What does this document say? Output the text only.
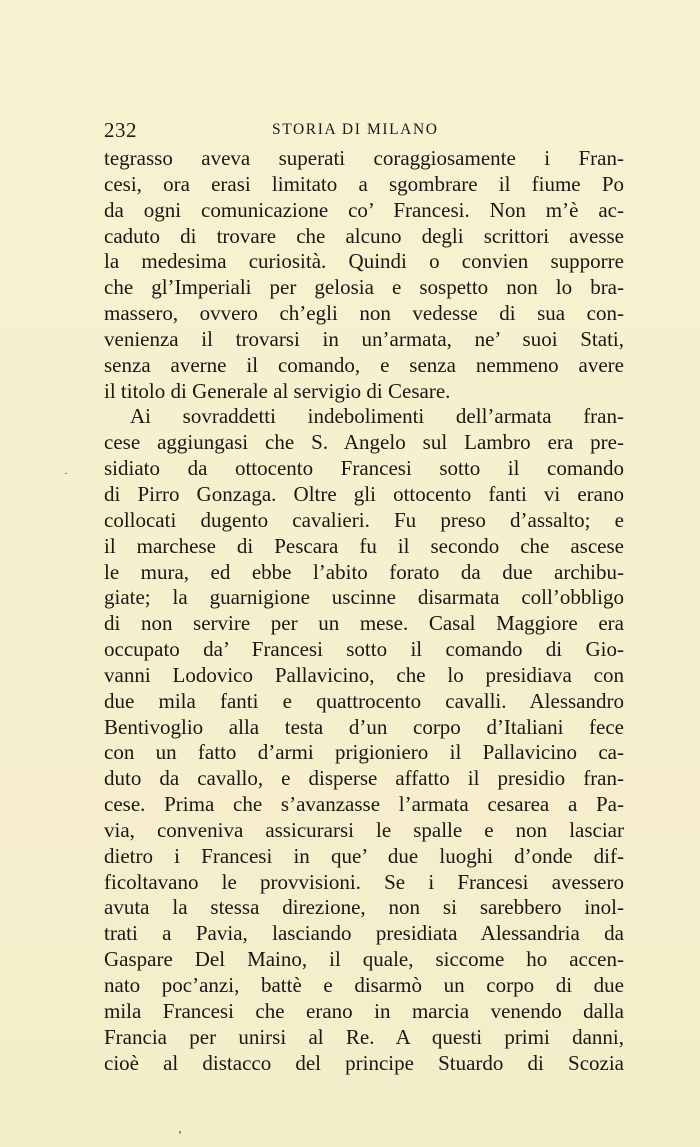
232	STORIA DI MILANO
tegrasso aveva superati coraggiosamente i Fran-
cesi, ora erasi limitato a sgombrare il fiume Po
da ogni comunicazione co’ Francesi. Non m’è ac-
caduto di trovare che alcuno degli scrittori avesse
la medesima curiosità. Quindi o convien supporre
che gl’Imperiali per gelosia e sospetto non lo bra-
massero, ovvero ch’egli non vedesse di sua con-
venienza il trovarsi in un’armata, ne’ suoi Stati,
senza averne il comando, e senza nemmeno avere
il titolo di Generale al servigio di Cesare.
Ai sovraddetti indebolimenti dell’armata fran-
cese aggiungasi che S. Angelo sul Lambro era pre-
sidiato da ottocento Francesi sotto il comando
di Pirro Gonzaga. Oltre gli ottocento fanti vi erano
collocati dugento cavalieri. Fu preso d’assalto; e
il marchese di Pescara fu il secondo che ascese
le mura, ed ebbe l’abito forato da due archibu-
giate; la guarnigione uscinne disarmata coll’obbligo
di non servire per un mese. Casal Maggiore era
occupato da’ Francesi sotto il comando di Gio-
vanni Lodovico Pallavicino, che lo presidiava con
due mila fanti e quattrocento cavalli. Alessandro
Bentivoglio alla testa d’un corpo d’Italiani fece
con un fatto d’armi prigioniero il Pallavicino ca-
duto da cavallo, e disperse affatto il presidio fran-
cese. Prima che s’avanzasse l’armata cesarea a Pa-
via, conveniva assicurarsi le spalle e non lasciar
dietro i Francesi in que’ due luoghi d’onde dif-
ficoltavano le provvisioni. Se i Francesi avessero
avuta la stessa direzione, non si sarebbero inol-
trati a Pavia, lasciando presidiata Alessandria da
Gaspare Del Maino, il quale, siccome ho accen-
nato poc’anzi, battè e disarmò un corpo di due
mila Francesi che erano in marcia venendo dalla
Francia per unirsi al Re. A questi primi danni,
cioè al distacco del principe Stuardo di Scozia
·
ʼ
